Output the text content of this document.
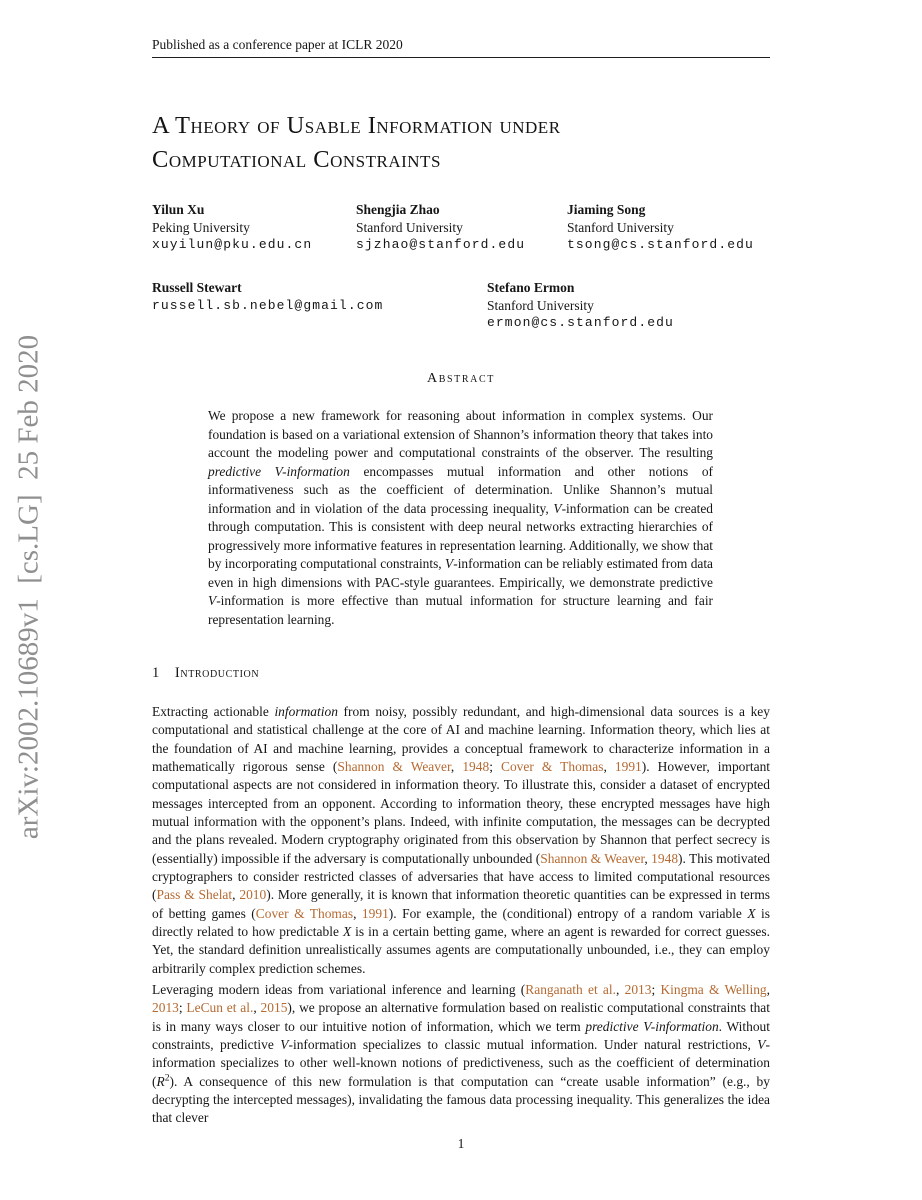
arXiv:2002.10689v1  [cs.LG]  25 Feb 2020
Published as a conference paper at ICLR 2020
A Theory of Usable Information under
Computational Constraints
Yilun Xu
Peking University
xuyilun@pku.edu.cn
Shengjia Zhao
Stanford University
sjzhao@stanford.edu
Jiaming Song
Stanford University
tsong@cs.stanford.edu
Russell Stewart
russell.sb.nebel@gmail.com
Stefano Ermon
Stanford University
ermon@cs.stanford.edu
Abstract
We propose a new framework for reasoning about information in complex systems. Our foundation is based on a variational extension of Shannon’s information theory that takes into account the modeling power and computational constraints of the observer. The resulting predictive V-information encompasses mutual information and other notions of informativeness such as the coefficient of determination. Unlike Shannon’s mutual information and in violation of the data processing inequality, V-information can be created through computation. This is consistent with deep neural networks extracting hierarchies of progressively more informative features in representation learning. Additionally, we show that by incorporating computational constraints, V-information can be reliably estimated from data even in high dimensions with PAC-style guarantees. Empirically, we demonstrate predictive V-information is more effective than mutual information for structure learning and fair representation learning.
1 Introduction
Extracting actionable information from noisy, possibly redundant, and high-dimensional data sources is a key computational and statistical challenge at the core of AI and machine learning. Information theory, which lies at the foundation of AI and machine learning, provides a conceptual framework to characterize information in a mathematically rigorous sense (Shannon & Weaver, 1948; Cover & Thomas, 1991). However, important computational aspects are not considered in information theory. To illustrate this, consider a dataset of encrypted messages intercepted from an opponent. According to information theory, these encrypted messages have high mutual information with the opponent’s plans. Indeed, with infinite computation, the messages can be decrypted and the plans revealed. Modern cryptography originated from this observation by Shannon that perfect secrecy is (essentially) impossible if the adversary is computationally unbounded (Shannon & Weaver, 1948). This motivated cryptographers to consider restricted classes of adversaries that have access to limited computational resources (Pass & Shelat, 2010). More generally, it is known that information theoretic quantities can be expressed in terms of betting games (Cover & Thomas, 1991). For example, the (conditional) entropy of a random variable X is directly related to how predictable X is in a certain betting game, where an agent is rewarded for correct guesses. Yet, the standard definition unrealistically assumes agents are computationally unbounded, i.e., they can employ arbitrarily complex prediction schemes.
Leveraging modern ideas from variational inference and learning (Ranganath et al., 2013; Kingma & Welling, 2013; LeCun et al., 2015), we propose an alternative formulation based on realistic computational constraints that is in many ways closer to our intuitive notion of information, which we term predictive V-information. Without constraints, predictive V-information specializes to classic mutual information. Under natural restrictions, V-information specializes to other well-known notions of predictiveness, such as the coefficient of determination $(R^2)$. A consequence of this new formulation is that computation can “create usable information” (e.g., by decrypting the intercepted messages), invalidating the famous data processing inequality. This generalizes the idea that clever
1
